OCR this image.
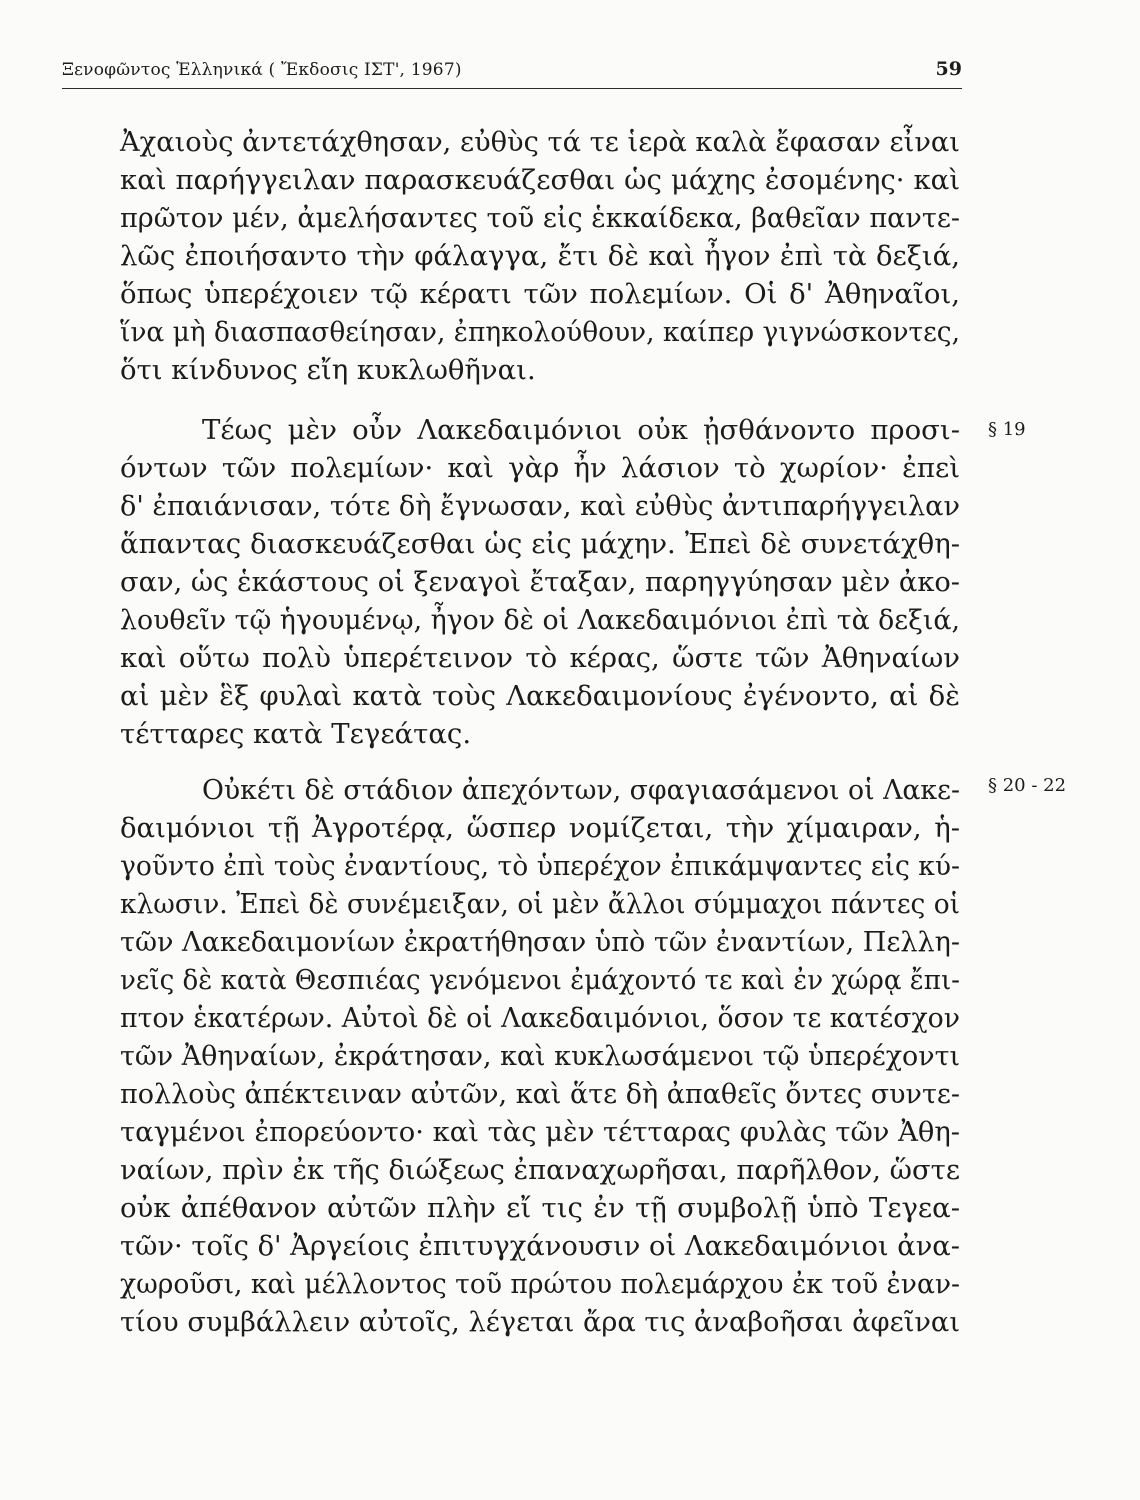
Ξενοφῶντος Ἑλληνικά ( Ἔκδοσις ΙΣΤ', 1967)	59
§ 19
§ 20 - 22
Ἀχαιοὺς ἀντετάχθησαν, εὐθὺς τά τε ἱερὰ καλὰ ἔφασαν εἶναι
καὶ παρήγγειλαν παρασκευάζεσθαι ὡς μάχης ἐσομένης· καὶ
πρῶτον μέν, ἀμελήσαντες τοῦ εἰς ἑκκαίδεκα, βαθεῖαν παντε-
λῶς ἐποιήσαντο τὴν φάλαγγα, ἔτι δὲ καὶ ἦγον ἐπὶ τὰ δεξιά,
ὅπως ὑπερέχοιεν τῷ κέρατι τῶν πολεμίων. Οἱ δ' Ἀθηναῖοι,
ἵνα μὴ διασπασθείησαν, ἐπηκολούθουν, καίπερ γιγνώσκοντες,
ὅτι κίνδυνος εἴη κυκλωθῆναι.
Τέως μὲν οὖν Λακεδαιμόνιοι οὐκ ᾐσθάνοντο προσι-
όντων τῶν πολεμίων· καὶ γὰρ ἦν λάσιον τὸ χωρίον· ἐπεὶ
δ' ἐπαιάνισαν, τότε δὴ ἔγνωσαν, καὶ εὐθὺς ἀντιπαρήγγειλαν
ἅπαντας διασκευάζεσθαι ὡς εἰς μάχην. Ἐπεὶ δὲ συνετάχθη-
σαν, ὡς ἑκάστους οἱ ξεναγοὶ ἔταξαν, παρηγγύησαν μὲν ἀκο-
λουθεῖν τῷ ἡγουμένῳ, ἦγον δὲ οἱ Λακεδαιμόνιοι ἐπὶ τὰ δεξιά,
καὶ οὕτω πολὺ ὑπερέτεινον τὸ κέρας, ὥστε τῶν Ἀθηναίων
αἱ μὲν ἓξ φυλαὶ κατὰ τοὺς Λακεδαιμονίους ἐγένοντο, αἱ δὲ
τέτταρες κατὰ Τεγεάτας.
Οὐκέτι δὲ στάδιον ἀπεχόντων, σφαγιασάμενοι οἱ Λακε-
δαιμόνιοι τῇ Ἀγροτέρᾳ, ὥσπερ νομίζεται, τὴν χίμαιραν, ἡ-
γοῦντο ἐπὶ τοὺς ἐναντίους, τὸ ὑπερέχον ἐπικάμψαντες εἰς κύ-
κλωσιν. Ἐπεὶ δὲ συνέμειξαν, οἱ μὲν ἄλλοι σύμμαχοι πάντες οἱ
τῶν Λακεδαιμονίων ἐκρατήθησαν ὑπὸ τῶν ἐναντίων, Πελλη-
νεῖς δὲ κατὰ Θεσπιέας γενόμενοι ἐμάχοντό τε καὶ ἐν χώρᾳ ἔπι-
πτον ἑκατέρων. Αὐτοὶ δὲ οἱ Λακεδαιμόνιοι, ὅσον τε κατέσχον
τῶν Ἀθηναίων, ἐκράτησαν, καὶ κυκλωσάμενοι τῷ ὑπερέχοντι
πολλοὺς ἀπέκτειναν αὐτῶν, καὶ ἅτε δὴ ἀπαθεῖς ὄντες συντε-
ταγμένοι ἐπορεύοντο· καὶ τὰς μὲν τέτταρας φυλὰς τῶν Ἀθη-
ναίων, πρὶν ἐκ τῆς διώξεως ἐπαναχωρῆσαι, παρῆλθον, ὥστε
οὐκ ἀπέθανον αὐτῶν πλὴν εἴ τις ἐν τῇ συμβολῇ ὑπὸ Τεγεα-
τῶν· τοῖς δ' Ἀργείοις ἐπιτυγχάνουσιν οἱ Λακεδαιμόνιοι ἀνα-
χωροῦσι, καὶ μέλλοντος τοῦ πρώτου πολεμάρχου ἐκ τοῦ ἐναν-
τίου συμβάλλειν αὐτοῖς, λέγεται ἄρα τις ἀναβοῆσαι ἀφεῖναι
